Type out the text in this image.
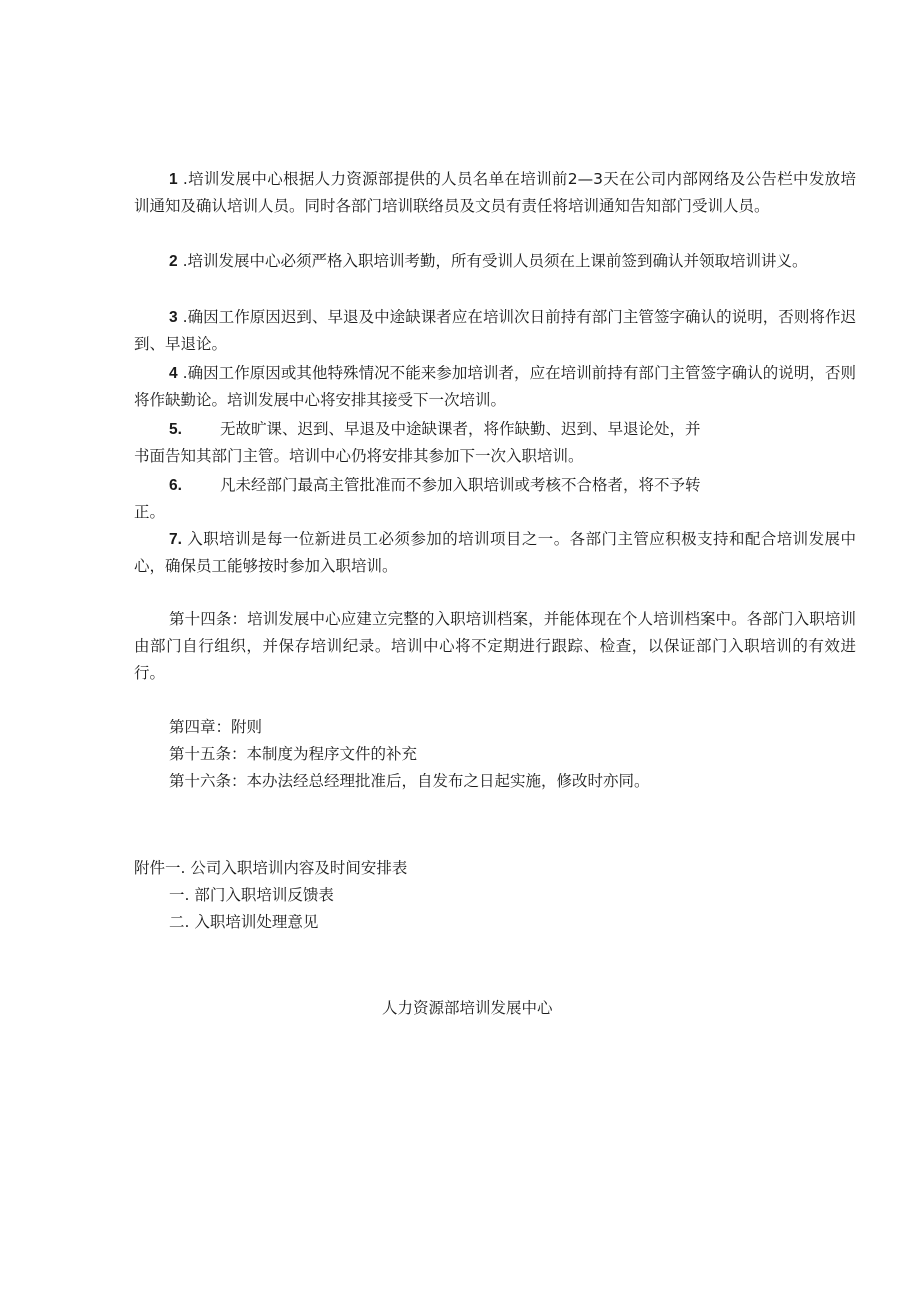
1 .培训发展中心根据人力资源部提供的人员名单在培训前2—3天在公司内部网络及公告栏中发放培训通知及确认培训人员。同时各部门培训联络员及文员有责任将培训通知告知部门受训人员。

2 .培训发展中心必须严格入职培训考勤，所有受训人员须在上课前签到确认并领取培训讲义。

3 .确因工作原因迟到、早退及中途缺课者应在培训次日前持有部门主管签字确认的说明，否则将作迟到、早退论。

4 .确因工作原因或其他特殊情况不能来参加培训者，应在培训前持有部门主管签字确认的说明，否则将作缺勤论。培训发展中心将安排其接受下一次培训。

5. 无故旷课、迟到、早退及中途缺课者，将作缺勤、迟到、早退论处，并

书面告知其部门主管。培训中心仍将安排其参加下一次入职培训。

6. 凡未经部门最高主管批准而不参加入职培训或考核不合格者，将不予转

正。

7. 入职培训是每一位新进员工必须参加的培训项目之一。各部门主管应积极支持和配合培训发展中心，确保员工能够按时参加入职培训。

第十四条：培训发展中心应建立完整的入职培训档案，并能体现在个人培训档案中。各部门入职培训由部门自行组织，并保存培训纪录。培训中心将不定期进行跟踪、检查，以保证部门入职培训的有效进行。

第四章：附则

第十五条：本制度为程序文件的补充

第十六条：本办法经总经理批准后，自发布之日起实施，修改时亦同。

附件一. 公司入职培训内容及时间安排表

一. 部门入职培训反馈表

二. 入职培训处理意见

人力资源部培训发展中心
